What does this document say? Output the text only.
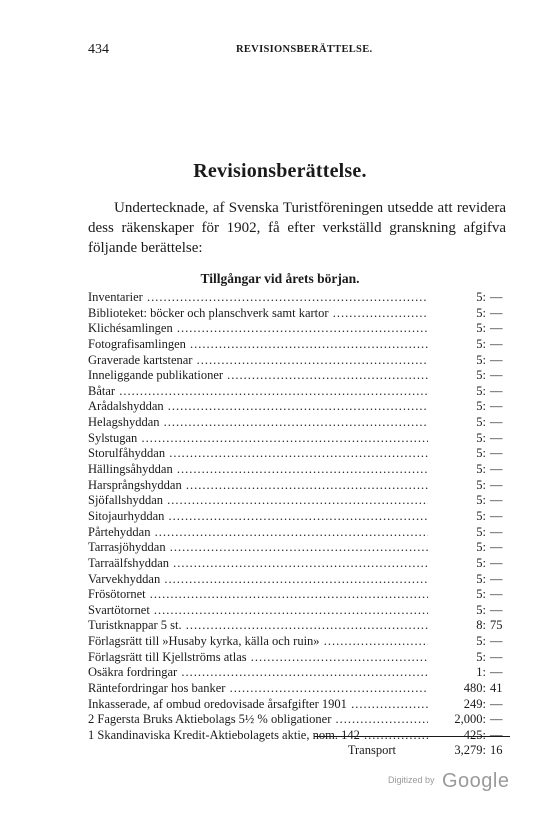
434	REVISIONSBERÄTTELSE.
Revisionsberättelse.
Undertecknade, af Svenska Turistföreningen utsedde att revidera dess räkenskaper för 1902, få efter verkställd granskning afgifva följande berättelse:
Tillgångar vid årets början.
Inventarier .....	5: —
Biblioteket: böcker och planschverk samt kartor .....	5: —
Klichésamlingen .....	5: —
Fotografisamlingen .....	5: —
Graverade kartstenar .....	5: —
Inneliggande publikationer .....	5: —
Båtar .....	5: —
Arådalshyddan .....	5: —
Helagshyddan .....	5: —
Sylstugan .....	5: —
Storulfåhyddan .....	5: —
Hällingsåhyddan .....	5: —
Harsprångshyddan .....	5: —
Sjöfallshyddan .....	5: —
Sitojaurhyddan .....	5: —
Pårtehyddan .....	5: —
Tarrasjöhyddan .....	5: —
Tarraälfshyddan .....	5: —
Varvekhyddan .....	5: —
Frösötornet .....	5: —
Svartötornet .....	5: —
Turistknappar 5 st. .....	8: 75
Förlagsrätt till »Husaby kyrka, källa och ruin» .....	5: —
Förlagsrätt till Kjellströms atlas .....	5: —
Osäkra fordringar .....	1: —
Räntefordringar hos banker .....	480: 41
Inkasserade, af ombud oredovisade årsafgifter 1901 .....	249: —
2 Fagersta Bruks Aktiebolags 5½ % obligationer .....	2,000: —
1 Skandinaviska Kredit-Aktiebolagets aktie, nom. 142 .....	425: —
Transport	3,279: 16
$^{Digitized by}$ Google
